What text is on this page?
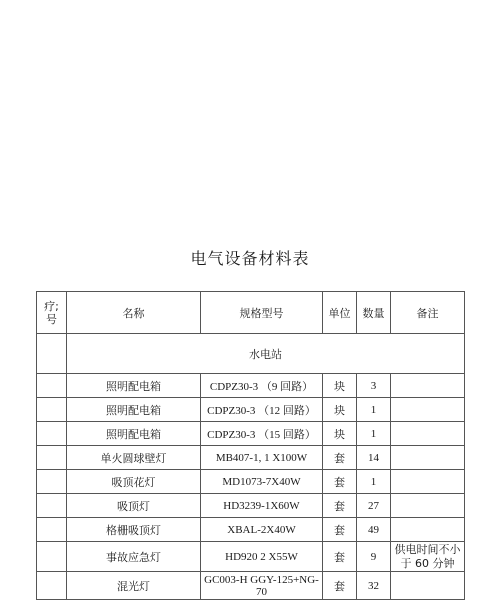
电气设备材料表
疗;
号	名称	规格型号	单位	数量	备注
	水电站				
	照明配电箱	CDPZ30-3 （9 回路）	块	3	
	照明配电箱	CDPZ30-3 （12 回路）	块	1	
	照明配电箱	CDPZ30-3 （15 回路）	块	1	
	单火圆球壁灯	MB407-1, 1 X100W	套	14	
	吸顶花灯	MD1073-7X40W	套	1	
	吸顶灯	HD3239-1X60W	套	27	
	格栅吸顶灯	XBAL-2X40W	套	49	
	事故应急灯	HD920 2 X55W	套	9	供电时间不小于 60 分钟
	混光灯	GC003-H GGY-125+NG-70	套	32	
